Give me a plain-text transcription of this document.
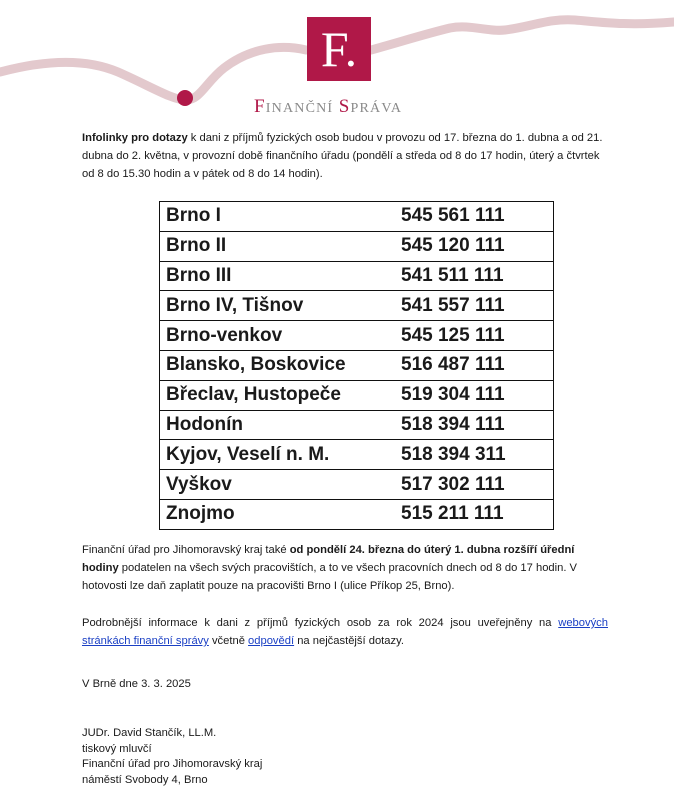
F.
FINANČNÍ SPRÁVA

Infolinky pro dotazy k dani z příjmů fyzických osob budou v provozu od 17. března do 1. dubna a od 21. dubna do 2. května, v provozní době finančního úřadu (pondělí a středa od 8 do 17 hodin, úterý a čtvrtek od 8 do 15.30 hodin a v pátek od 8 do 14 hodin).

Brno I	545 561 111
Brno II	545 120 111
Brno III	541 511 111
Brno IV, Tišnov	541 557 111
Brno-venkov	545 125 111
Blansko, Boskovice	516 487 111
Břeclav, Hustopeče	519 304 111
Hodonín	518 394 111
Kyjov, Veselí n. M.	518 394 311
Vyškov	517 302 111
Znojmo	515 211 111

Finanční úřad pro Jihomoravský kraj také od pondělí 24. března do úterý 1. dubna rozšíří úřední hodiny podatelen na všech svých pracovištích, a to ve všech pracovních dnech od 8 do 17 hodin. V hotovosti lze daň zaplatit pouze na pracovišti Brno I (ulice Příkop 25, Brno).

Podrobnější informace k dani z příjmů fyzických osob za rok 2024 jsou uveřejněny na webových stránkách finanční správy včetně odpovědí na nejčastější dotazy.

V Brně dne 3. 3. 2025
JUDr. David Stančík, LL.M.
tiskový mluvčí
Finanční úřad pro Jihomoravský kraj
náměstí Svobody 4, Brno
